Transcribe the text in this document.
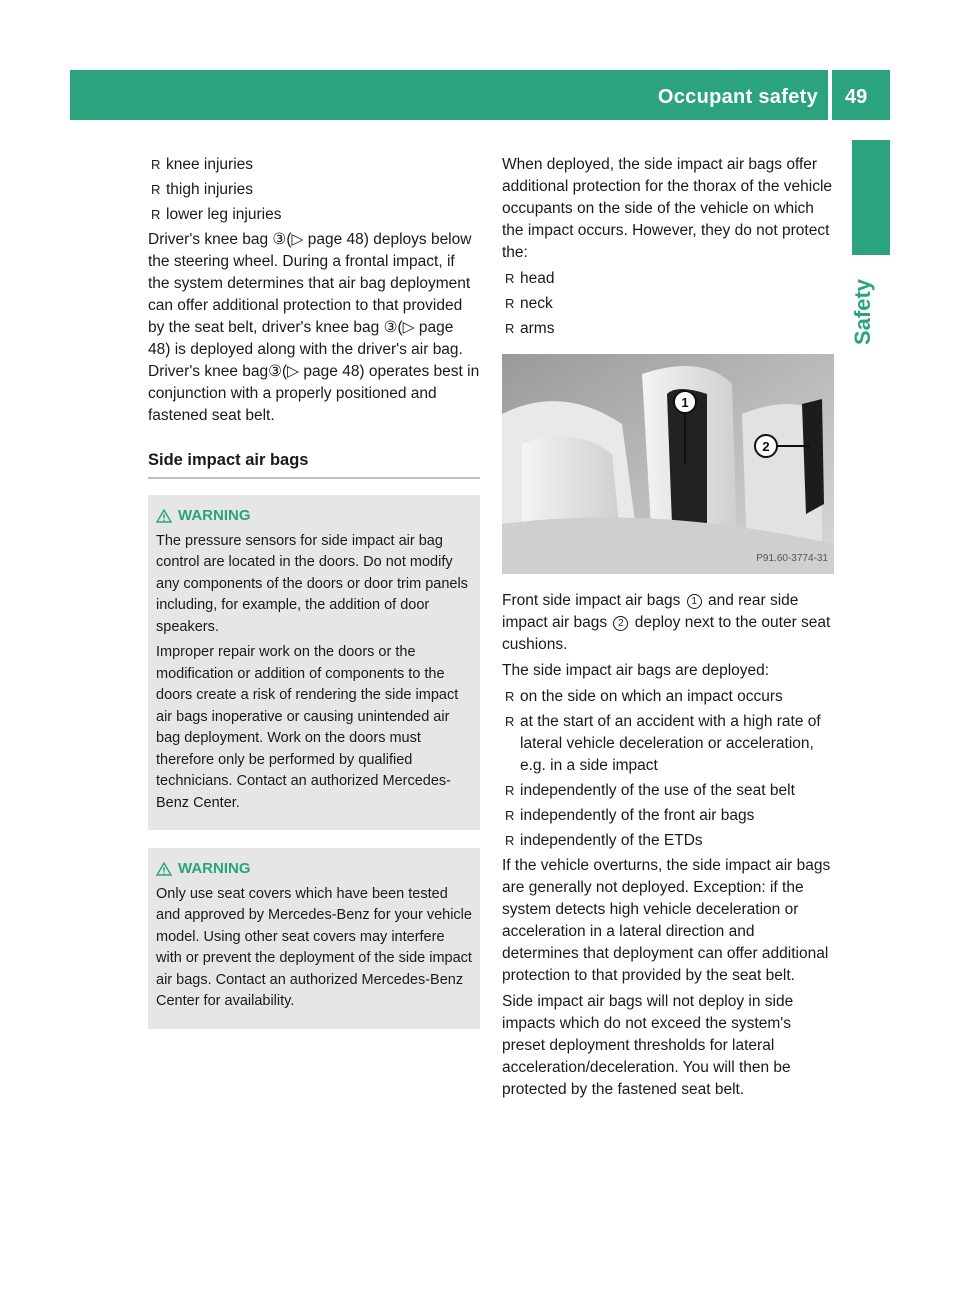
Occupant safety 49
Safety
R knee injuries
R thigh injuries
R lower leg injuries

Driver's knee bag ③(▷ page 48) deploys below the steering wheel. During a frontal impact, if the system determines that air bag deployment can offer additional protection to that provided by the seat belt, driver's knee bag ③(▷ page 48) is deployed along with the driver's air bag. Driver's knee bag③(▷ page 48) operates best in conjunction with a properly positioned and fastened seat belt.

Side impact air bags
WARNING

The pressure sensors for side impact air bag control are located in the doors. Do not modify any components of the doors or door trim panels including, for example, the addition of door speakers.

Improper repair work on the doors or the modification or addition of components to the doors create a risk of rendering the side impact air bags inoperative or causing unintended air bag deployment. Work on the doors must therefore only be performed by qualified technicians. Contact an authorized Mercedes-Benz Center.

WARNING

Only use seat covers which have been tested and approved by Mercedes-Benz for your vehicle model. Using other seat covers may interfere with or prevent the deployment of the side impact air bags. Contact an authorized Mercedes-Benz Center for availability.

When deployed, the side impact air bags offer additional protection for the thorax of the vehicle occupants on the side of the vehicle on which the impact occurs. However, they do not protect the:

R head
R neck
R arms
1
2
P91.60-3774-31

Front side impact air bags 1 and rear side impact air bags 2 deploy next to the outer seat cushions.

The side impact air bags are deployed:

R on the side on which an impact occurs
R at the start of an accident with a high rate of lateral vehicle deceleration or acceleration, e.g. in a side impact
R independently of the use of the seat belt
R independently of the front air bags
R independently of the ETDs

If the vehicle overturns, the side impact air bags are generally not deployed. Exception: if the system detects high vehicle deceleration or acceleration in a lateral direction and determines that deployment can offer additional protection to that provided by the seat belt.

Side impact air bags will not deploy in side impacts which do not exceed the system's preset deployment thresholds for lateral acceleration/deceleration. You will then be protected by the fastened seat belt.
